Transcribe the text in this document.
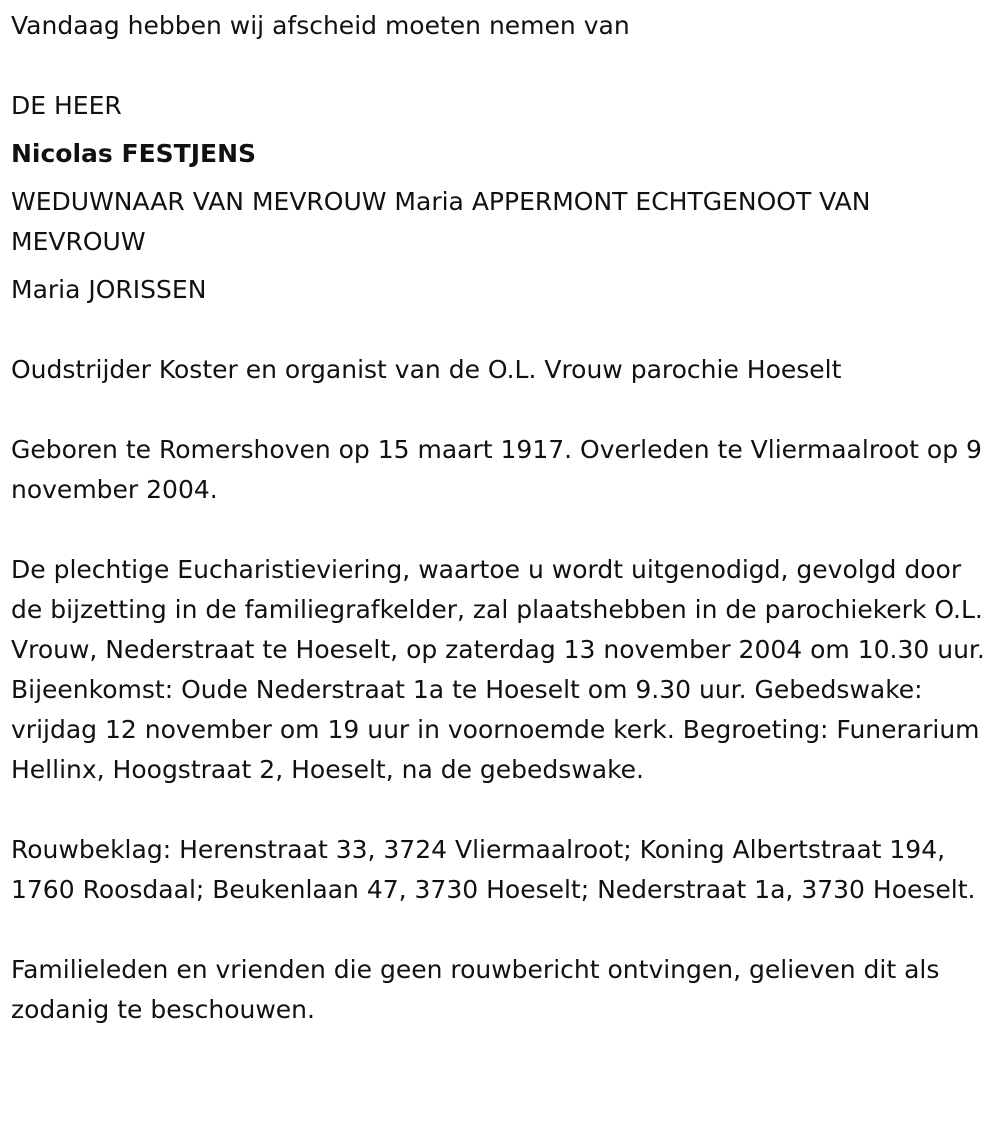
Vandaag hebben wij afscheid moeten nemen van

DE HEER

Nicolas FESTJENS

WEDUWNAAR VAN MEVROUW Maria APPERMONT ECHTGENOOT VAN MEVROUW

Maria JORISSEN

Oudstrijder Koster en organist van de O.L. Vrouw parochie Hoeselt

Geboren te Romershoven op 15 maart 1917. Overleden te Vliermaalroot op 9 november 2004.

De plechtige Eucharistieviering, waartoe u wordt uitgenodigd, gevolgd door de bijzetting in de familiegrafkelder, zal plaatshebben in de parochiekerk O.L. Vrouw, Nederstraat te Hoeselt, op zaterdag 13 november 2004 om 10.30 uur. Bijeenkomst: Oude Nederstraat 1a te Hoeselt om 9.30 uur. Gebedswake: vrijdag 12 november om 19 uur in voornoemde kerk. Begroeting: Funerarium Hellinx, Hoogstraat 2, Hoeselt, na de gebedswake.

Rouwbeklag: Herenstraat 33, 3724 Vliermaalroot; Koning Albertstraat 194, 1760 Roosdaal; Beukenlaan 47, 3730 Hoeselt; Nederstraat 1a, 3730 Hoeselt.

Familieleden en vrienden die geen rouwbericht ontvingen, gelieven dit als zodanig te beschouwen.
